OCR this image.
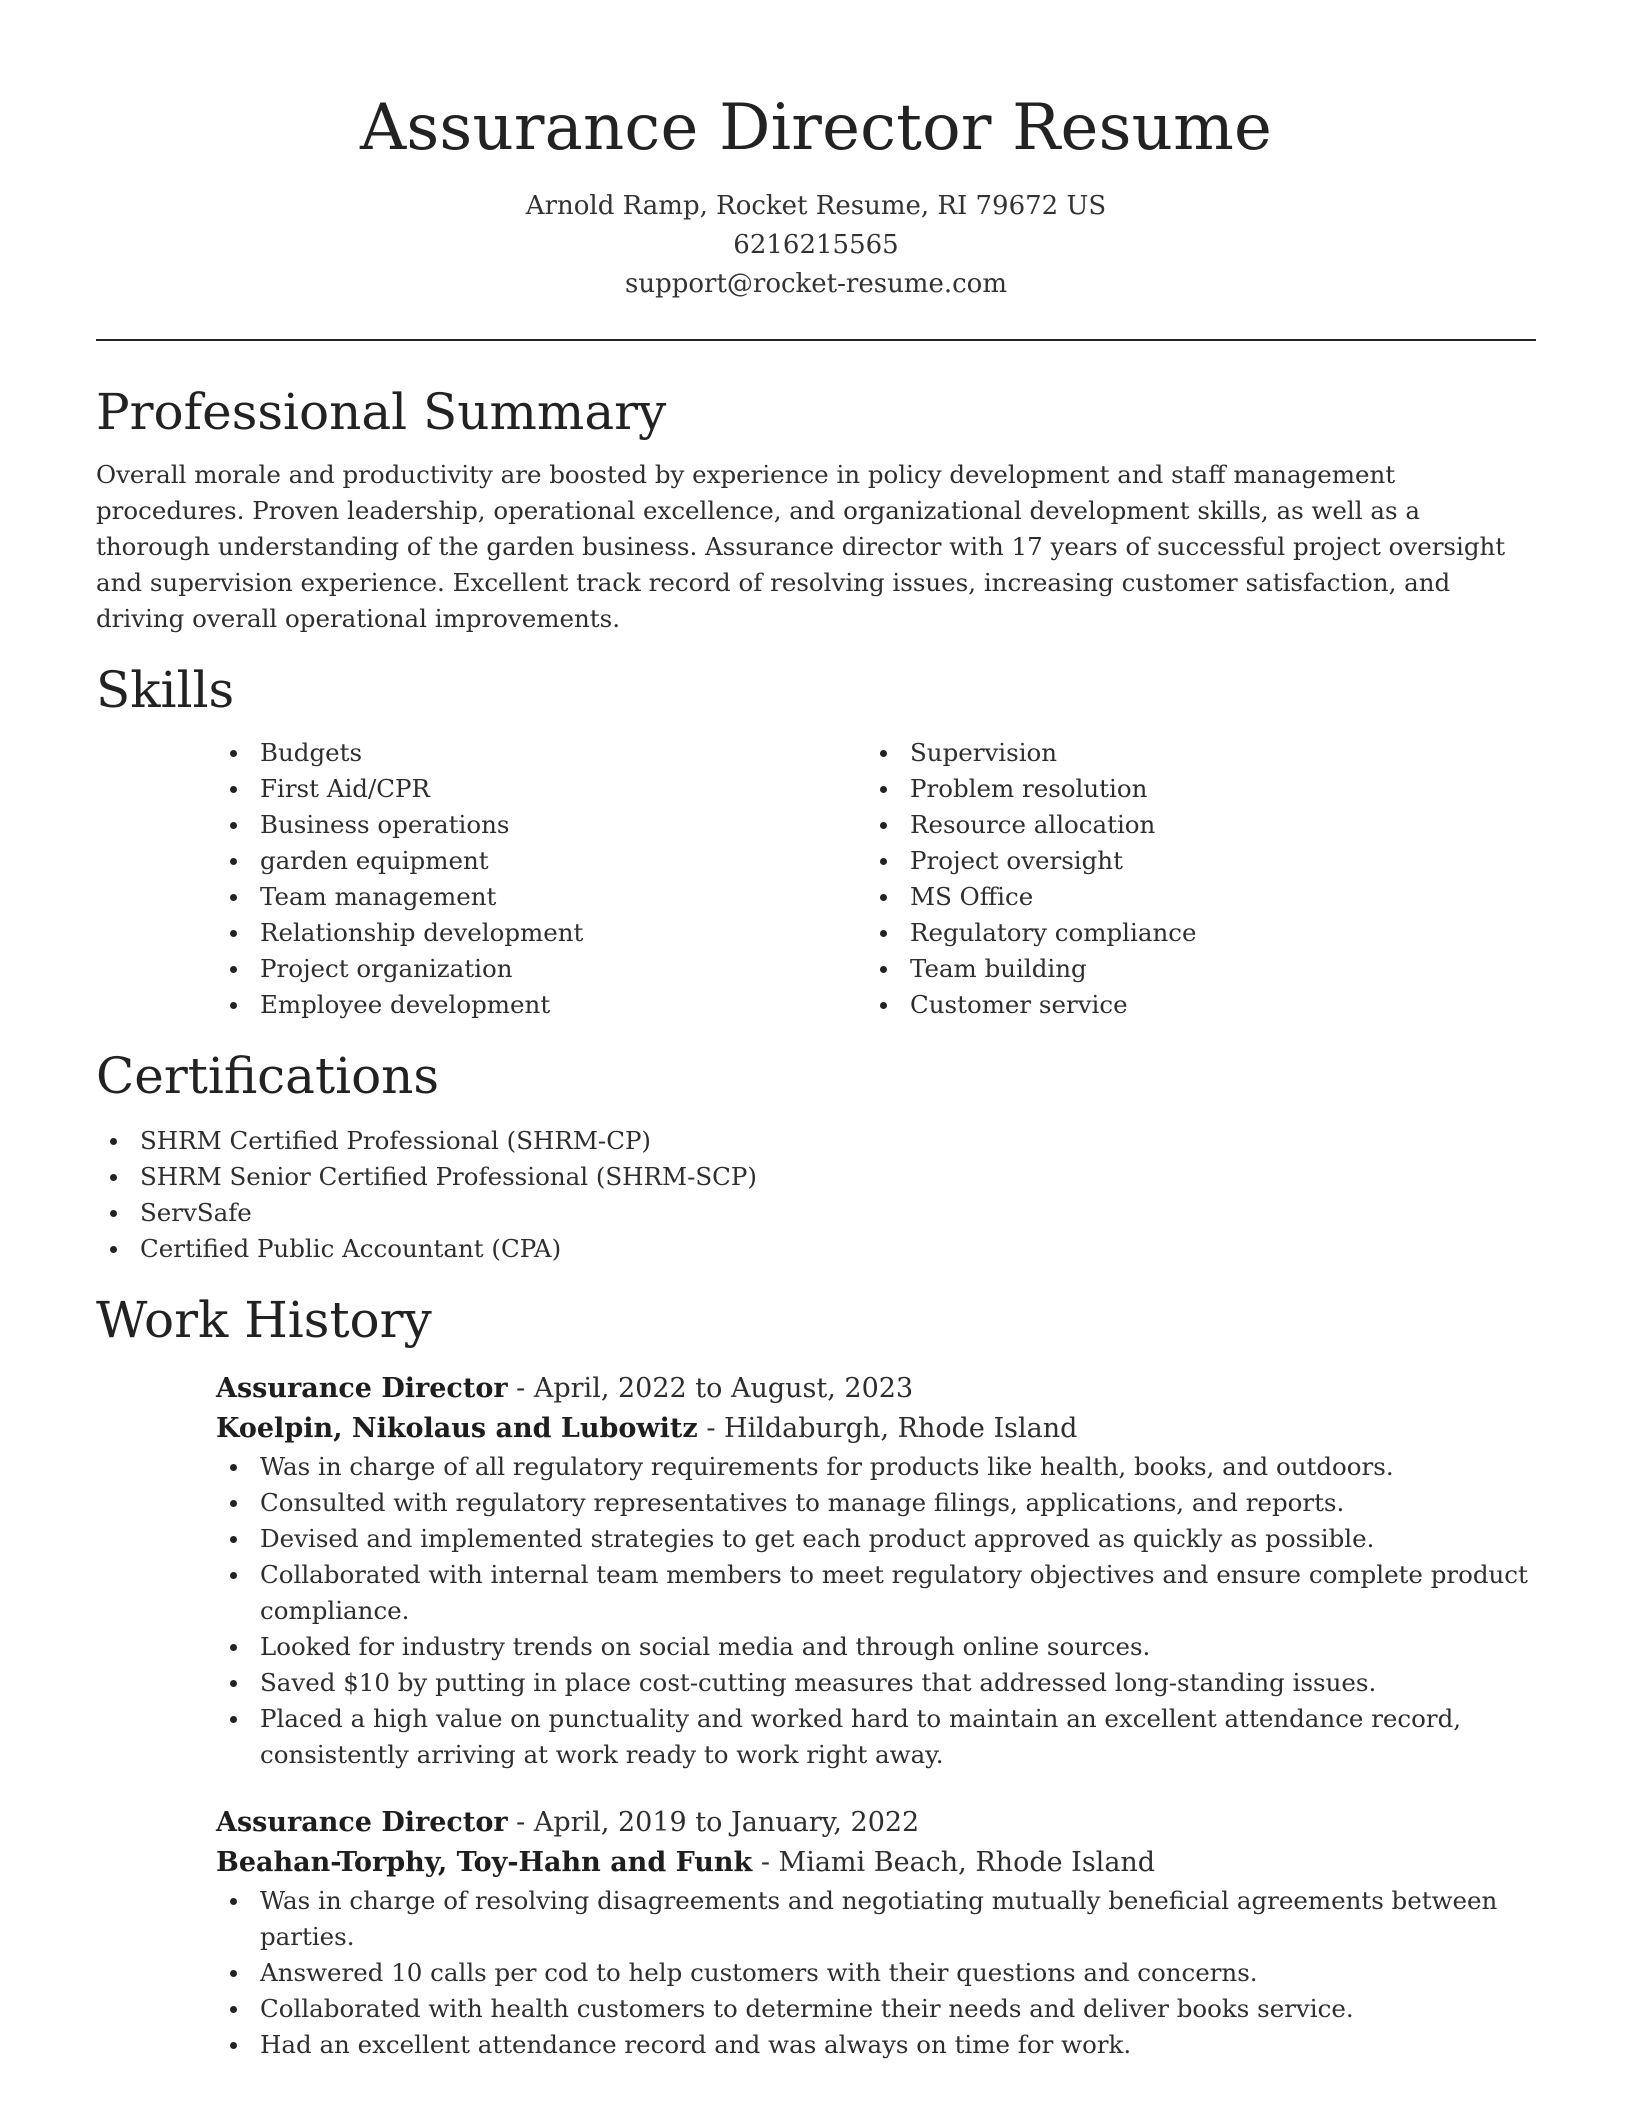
Assurance Director Resume
Arnold Ramp, Rocket Resume, RI 79672 US
6216215565
support@rocket-resume.com
Professional Summary

Overall morale and productivity are boosted by experience in policy development and staff management procedures. Proven leadership, operational excellence, and organizational development skills, as well as a thorough understanding of the garden business. Assurance director with 17 years of successful project oversight and supervision experience. Excellent track record of resolving issues, increasing customer satisfaction, and driving overall operational improvements.

Skills
Budgets
First Aid/CPR
Business operations
garden equipment
Team management
Relationship development
Project organization
Employee development
Supervision
Problem resolution
Resource allocation
Project oversight
MS Office
Regulatory compliance
Team building
Customer service
Certifications
SHRM Certified Professional (SHRM-CP)
SHRM Senior Certified Professional (SHRM-SCP)
ServSafe
Certified Public Accountant (CPA)
Work History
Assurance Director - April, 2022 to August, 2023
Koelpin, Nikolaus and Lubowitz - Hildaburgh, Rhode Island
Was in charge of all regulatory requirements for products like health, books, and outdoors.
Consulted with regulatory representatives to manage filings, applications, and reports.
Devised and implemented strategies to get each product approved as quickly as possible.
Collaborated with internal team members to meet regulatory objectives and ensure complete product compliance.
Looked for industry trends on social media and through online sources.
Saved $10 by putting in place cost-cutting measures that addressed long-standing issues.
Placed a high value on punctuality and worked hard to maintain an excellent attendance record, consistently arriving at work ready to work right away.
Assurance Director - April, 2019 to January, 2022
Beahan-Torphy, Toy-Hahn and Funk - Miami Beach, Rhode Island
Was in charge of resolving disagreements and negotiating mutually beneficial agreements between parties.
Answered 10 calls per cod to help customers with their questions and concerns.
Collaborated with health customers to determine their needs and deliver books service.
Had an excellent attendance record and was always on time for work.
